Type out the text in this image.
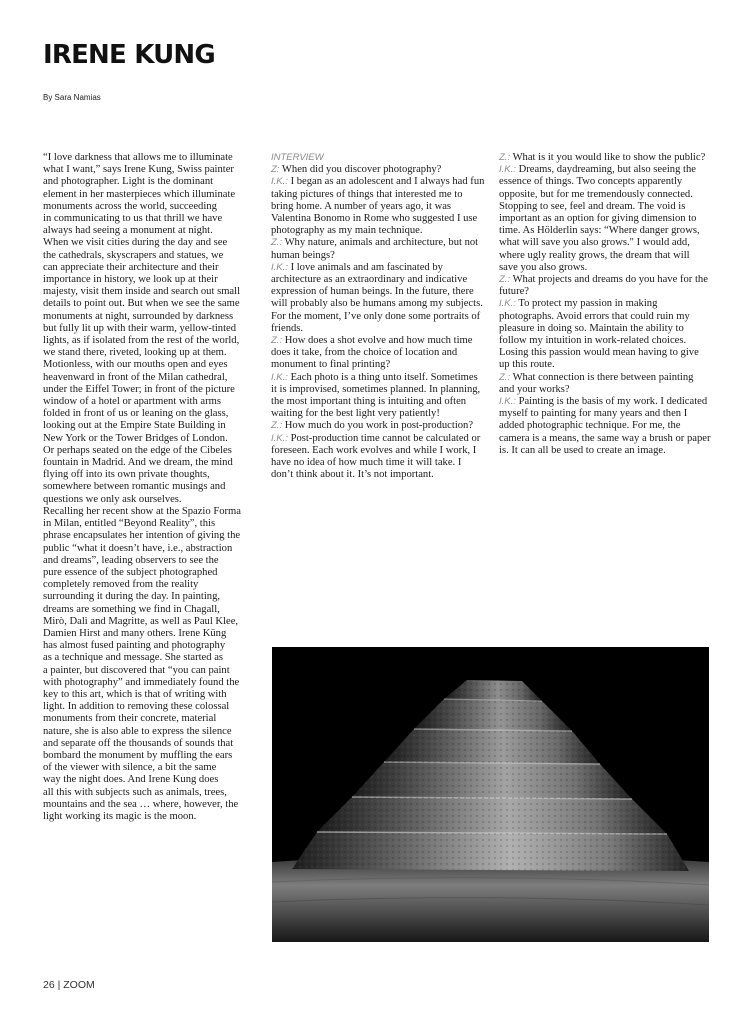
IRENE KUNG
By Sara Namias

“I love darkness that allows me to illuminate
what I want,” says Irene Kung, Swiss painter
and photographer. Light is the dominant
element in her masterpieces which illuminate
monuments across the world, succeeding
in communicating to us that thrill we have
always had seeing a monument at night.
When we visit cities during the day and see
the cathedrals, skyscrapers and statues, we
can appreciate their architecture and their
importance in history, we look up at their
majesty, visit them inside and search out small
details to point out. But when we see the same
monuments at night, surrounded by darkness
but fully lit up with their warm, yellow-tinted
lights, as if isolated from the rest of the world,
we stand there, riveted, looking up at them.
Motionless, with our mouths open and eyes
heavenward in front of the Milan cathedral,
under the Eiffel Tower; in front of the picture
window of a hotel or apartment with arms
folded in front of us or leaning on the glass,
looking out at the Empire State Building in
New York or the Tower Bridges of London.
Or perhaps seated on the edge of the Cibeles
fountain in Madrid. And we dream, the mind
flying off into its own private thoughts,
somewhere between romantic musings and
questions we only ask ourselves.
Recalling her recent show at the Spazio Forma
in Milan, entitled “Beyond Reality”, this
phrase encapsulates her intention of giving the
public “what it doesn’t have, i.e., abstraction
and dreams”, leading observers to see the
pure essence of the subject photographed
completely removed from the reality
surrounding it during the day. In painting,
dreams are something we find in Chagall,
Mirò, Dalì and Magritte, as well as Paul Klee,
Damien Hirst and many others. Irene Küng
has almost fused painting and photography
as a technique and message. She started as
a painter, but discovered that “you can paint
with photography” and immediately found the
key to this art, which is that of writing with
light. In addition to removing these colossal
monuments from their concrete, material
nature, she is also able to express the silence
and separate off the thousands of sounds that
bombard the monument by muffling the ears
of the viewer with silence, a bit the same
way the night does. And Irene Kung does
all this with subjects such as animals, trees,
mountains and the sea … where, however, the
light working its magic is the moon.

INTERVIEW

Z: When did you discover photography?
I.K.: I began as an adolescent and I always had fun taking pictures of things that interested me to bring home. A number of years ago, it was Valentina Bonomo in Rome who suggested I use photography as my main technique.

Z.: Why nature, animals and architecture, but not human beings?
I.K.: I love animals and am fascinated by architecture as an extraordinary and indicative expression of human beings. In the future, there will probably also be humans among my subjects. For the moment, I’ve only done some portraits of friends.

Z.: How does a shot evolve and how much time does it take, from the choice of location and monument to final printing?
I.K.: Each photo is a thing unto itself. Sometimes it is improvised, sometimes planned. In planning, the most important thing is intuiting and often waiting for the best light very patiently!

Z.: How much do you work in post-production?
I.K.: Post-production time cannot be calculated or foreseen. Each work evolves and while I work, I have no idea of how much time it will take. I don’t think about it. It’s not important.

Z.: What is it you would like to show the public?
I.K.: Dreams, daydreaming, but also seeing the essence of things. Two concepts apparently opposite, but for me tremendously connected. Stopping to see, feel and dream. The void is important as an option for giving dimension to time. As Hölderlin says: “Where danger grows, what will save you also grows." I would add, where ugly reality grows, the dream that will save you also grows.

Z.: What projects and dreams do you have for the future?
I.K.: To protect my passion in making photographs. Avoid errors that could ruin my pleasure in doing so. Maintain the ability to follow my intuition in work-related choices. Losing this passion would mean having to give up this route.

Z.: What connection is there between painting and your works?
I.K.: Painting is the basis of my work. I dedicated myself to painting for many years and then I added photographic technique. For me, the camera is a means, the same way a brush or paper is. It can all be used to create an image.

26 | ZOOM
